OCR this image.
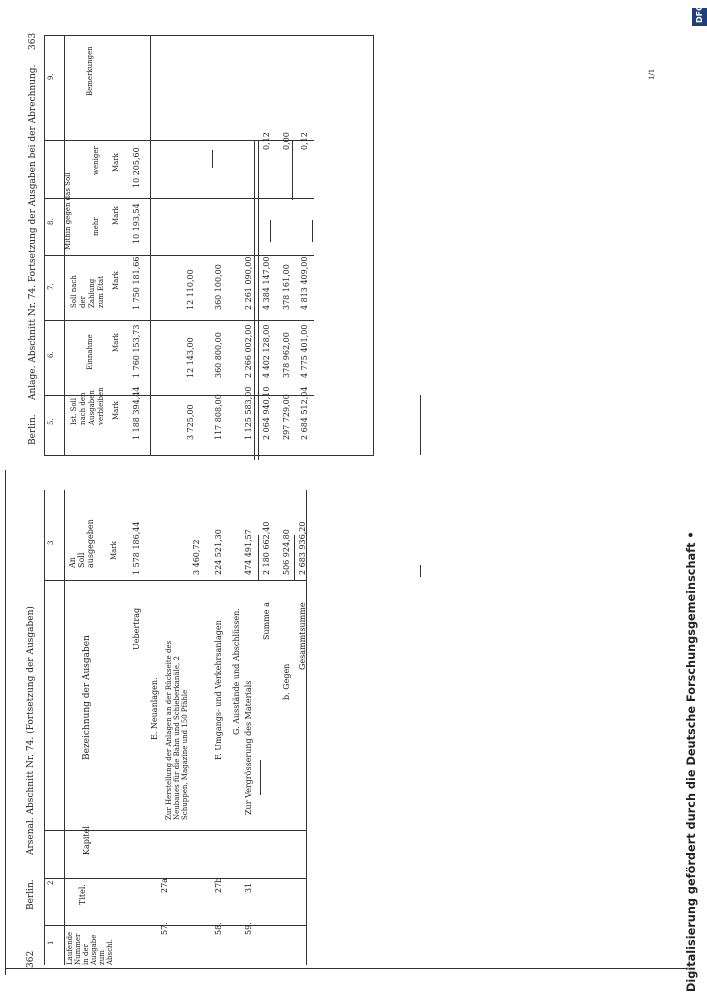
362
Berlin.
Arsenal. Abschnitt Nr. 74. (Fortsetzung der Ausgaben)
1
2
3
Laufende Nummer in der Ausgabe zum Abschl.
Titel.
Kapitel
Bezeichnung der Ausgaben
An Soll ausgegeben Mark
Uebertrag
1 578 186,44
57.
27a
E. Neuanlagen. Zur Herstellung der Anlagen an der Rückseite des Neubaues für die Bahn und Schieberkanäle, 2 Schuppen, Magazine und 150 Pfähle
3 460,72
58.
27b
F. Umgangs- und Verkehrsanlagen
224 521,30
G. Ausstände und Abschlüssen.
59.
31
Zur Vergrösserung des Materials
474 491,57
Summe a
2 180 662,40
b. Gegen
506 924,80
Gesammtsumme
2 683 936,20
Berlin.
Anlage. Abschnitt Nr. 74. Fortsetzung der Ausgaben bei der Abrechnung.
363
5.
6.
7.
8.
9.
Ist. Soll nach den Ausgaben verbleiben
Einnahme
Soll nach der Zahlung zum Etat
Mithin gegen das Soll	mehr
weniger
Bemerkungen
Mark
Mark
Mark
Mark
Mark
1 188 394,44
1 760 153,73
1 750 181,66
10 193,54
10 205,60
3 725,00
12 143,00
12 110,00
117 808,00
360 800,00
360 100,00
1 125 583,00
2 266 002,00
2 261 090,00
0,12
2 064 940,10
4 402 128,00
4 384 147,00
0,00
297 729,00
378 962,00
378 161,00
0,12
2 684 512,04
4 775 401,00
4 813 409,00
1/1
Digitalisierung gefördert durch die Deutsche Forschungsgemeinschaft •
DFG
